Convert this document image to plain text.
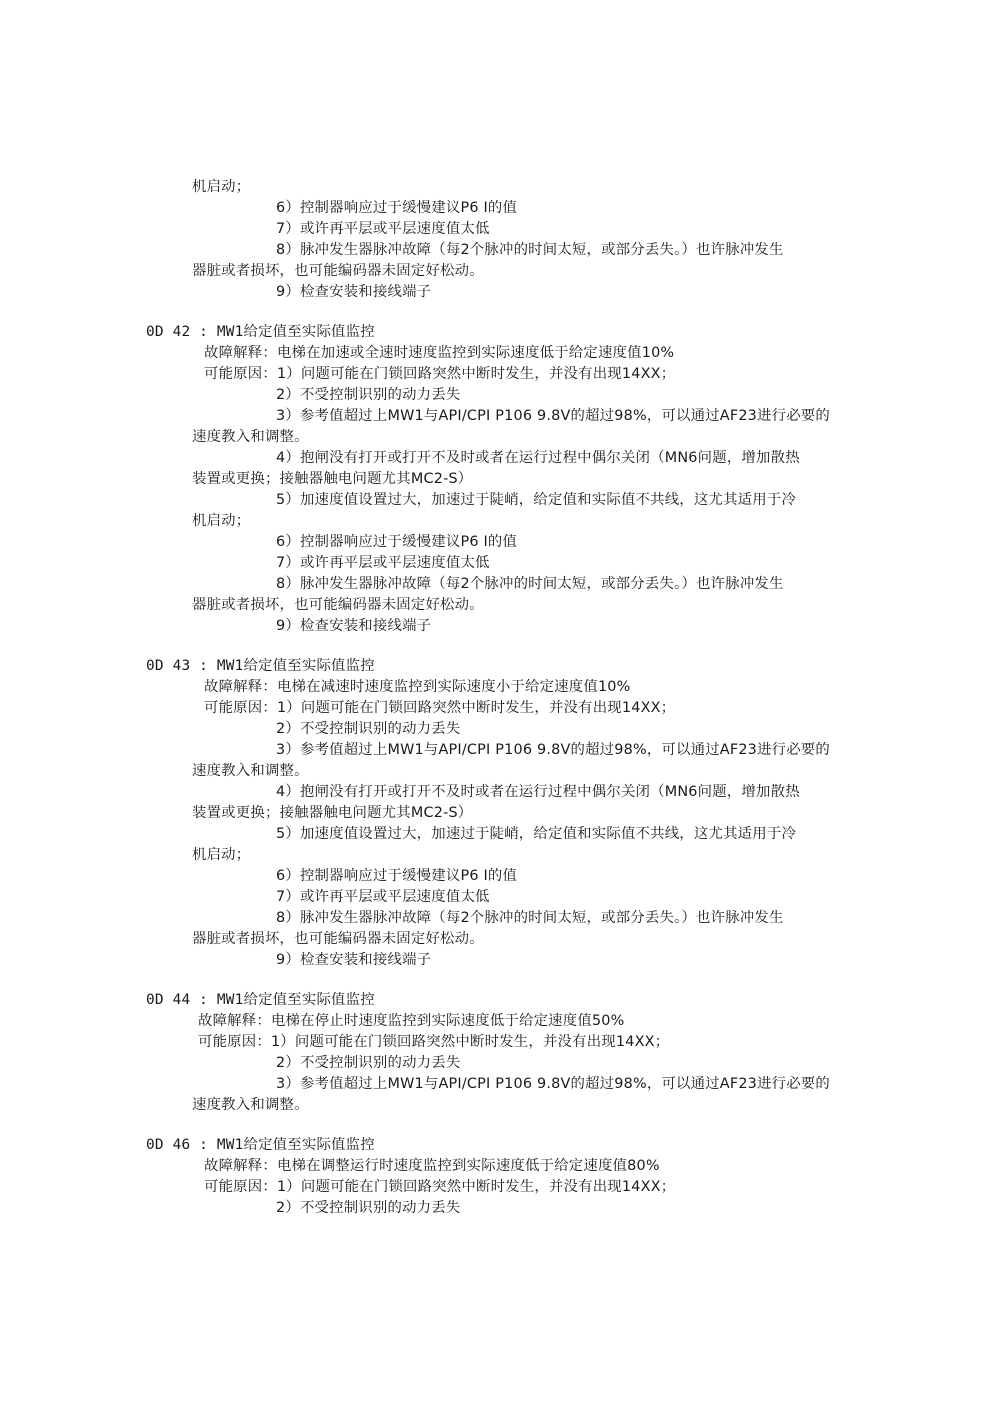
机启动；
6）控制器响应过于缓慢建议P6 I的值
7）或许再平层或平层速度值太低
8）脉冲发生器脉冲故障（每2个脉冲的时间太短，或部分丢失。）也许脉冲发生
器脏或者损坏，也可能编码器未固定好松动。
9）检查安装和接线端子
0D 42 : MW1给定值至实际值监控
故障解释：电梯在加速或全速时速度监控到实际速度低于给定速度值10%
可能原因：1）问题可能在门锁回路突然中断时发生，并没有出现14XX；
2）不受控制识别的动力丢失
3）参考值超过上MW1与API/CPI P106 9.8V的超过98%，可以通过AF23进行必要的
速度教入和调整。
4）抱闸没有打开或打开不及时或者在运行过程中偶尔关闭（MN6问题，增加散热
装置或更换；接触器触电问题尤其MC2-S）
5）加速度值设置过大，加速过于陡峭，给定值和实际值不共线，这尤其适用于冷
机启动；
6）控制器响应过于缓慢建议P6 I的值
7）或许再平层或平层速度值太低
8）脉冲发生器脉冲故障（每2个脉冲的时间太短，或部分丢失。）也许脉冲发生
器脏或者损坏，也可能编码器未固定好松动。
9）检查安装和接线端子
0D 43 : MW1给定值至实际值监控
故障解释：电梯在减速时速度监控到实际速度小于给定速度值10%
可能原因：1）问题可能在门锁回路突然中断时发生，并没有出现14XX；
2）不受控制识别的动力丢失
3）参考值超过上MW1与API/CPI P106 9.8V的超过98%，可以通过AF23进行必要的
速度教入和调整。
4）抱闸没有打开或打开不及时或者在运行过程中偶尔关闭（MN6问题，增加散热
装置或更换；接触器触电问题尤其MC2-S）
5）加速度值设置过大，加速过于陡峭，给定值和实际值不共线，这尤其适用于冷
机启动；
6）控制器响应过于缓慢建议P6 I的值
7）或许再平层或平层速度值太低
8）脉冲发生器脉冲故障（每2个脉冲的时间太短，或部分丢失。）也许脉冲发生
器脏或者损坏，也可能编码器未固定好松动。
9）检查安装和接线端子
0D 44 : MW1给定值至实际值监控
故障解释：电梯在停止时速度监控到实际速度低于给定速度值50%
可能原因：1）问题可能在门锁回路突然中断时发生，并没有出现14XX；
2）不受控制识别的动力丢失
3）参考值超过上MW1与API/CPI P106 9.8V的超过98%，可以通过AF23进行必要的
速度教入和调整。
0D 46 : MW1给定值至实际值监控
故障解释：电梯在调整运行时速度监控到实际速度低于给定速度值80%
可能原因：1）问题可能在门锁回路突然中断时发生，并没有出现14XX；
2）不受控制识别的动力丢失
